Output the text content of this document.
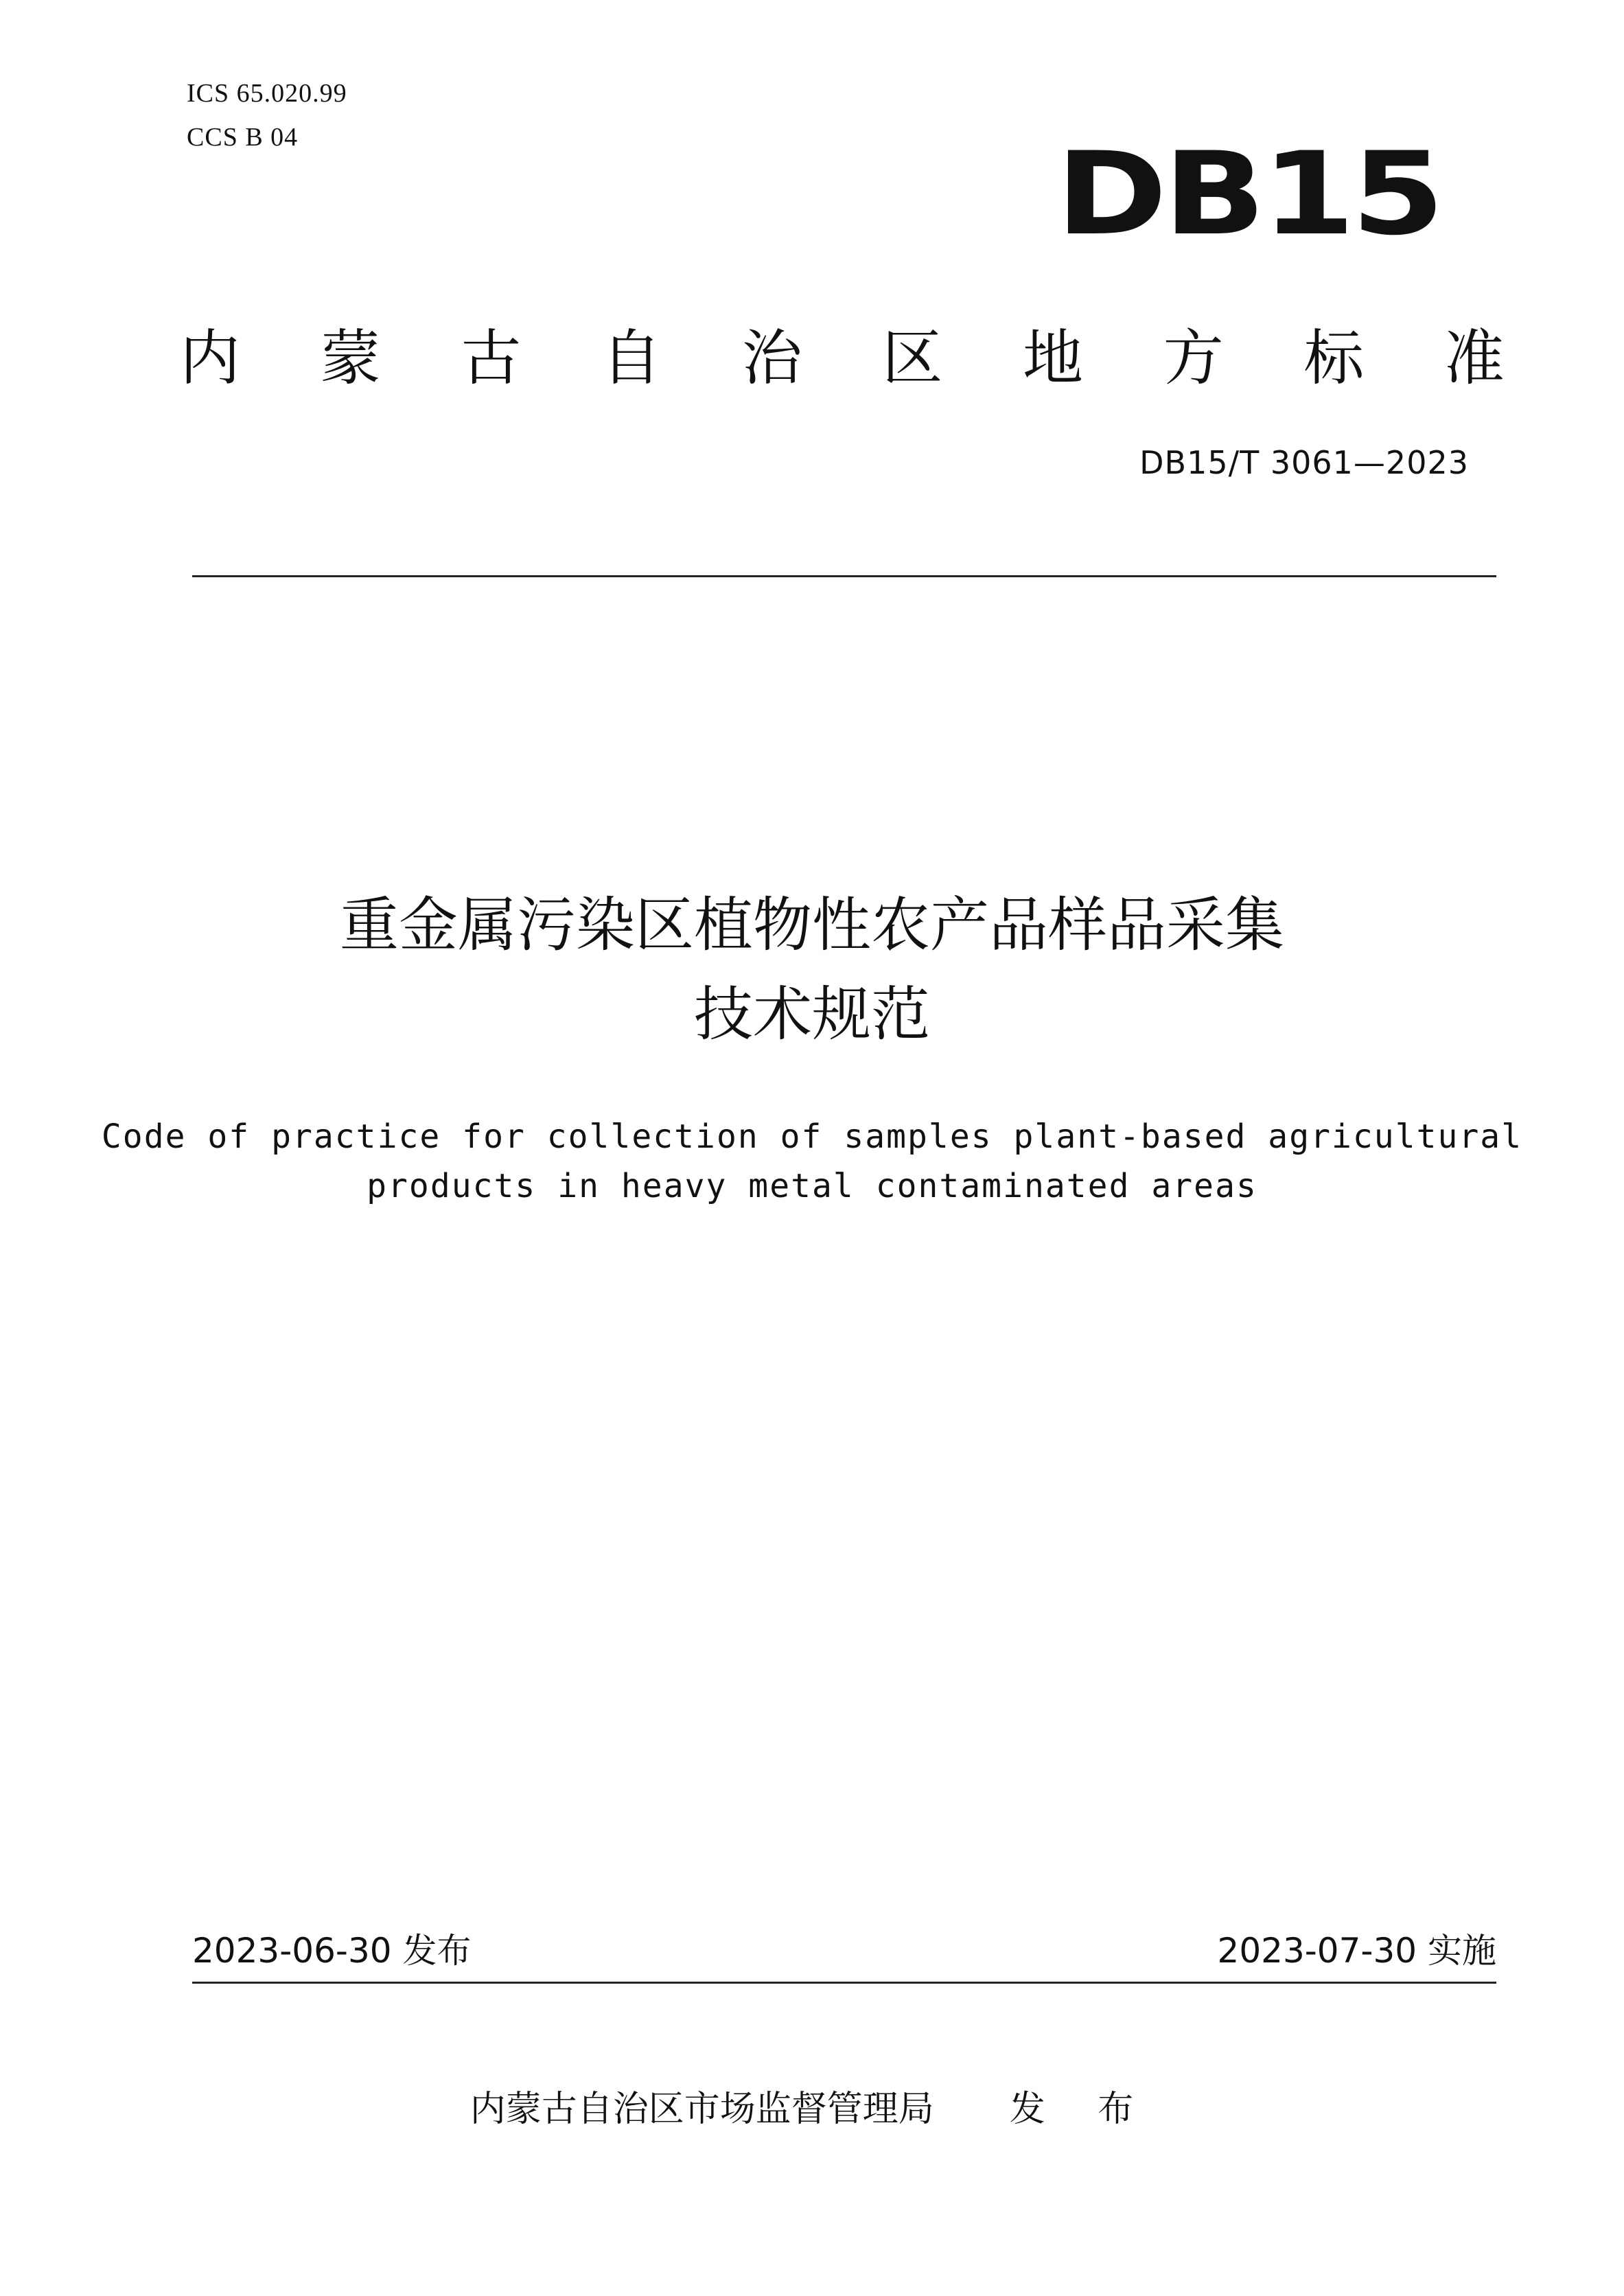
ICS 65.020.99
CCS B 04	DB15
内 蒙 古 自 治 区 地 方 标 准
DB15/T 3061—2023
重金属污染区植物性农产品样品采集
技术规范
Code of practice for collection of samples plant-based agricultural
products in heavy metal contaminated areas
2023-06-30 发布	2023-07-30 实施
内蒙古自治区市场监督管理局 发 布
